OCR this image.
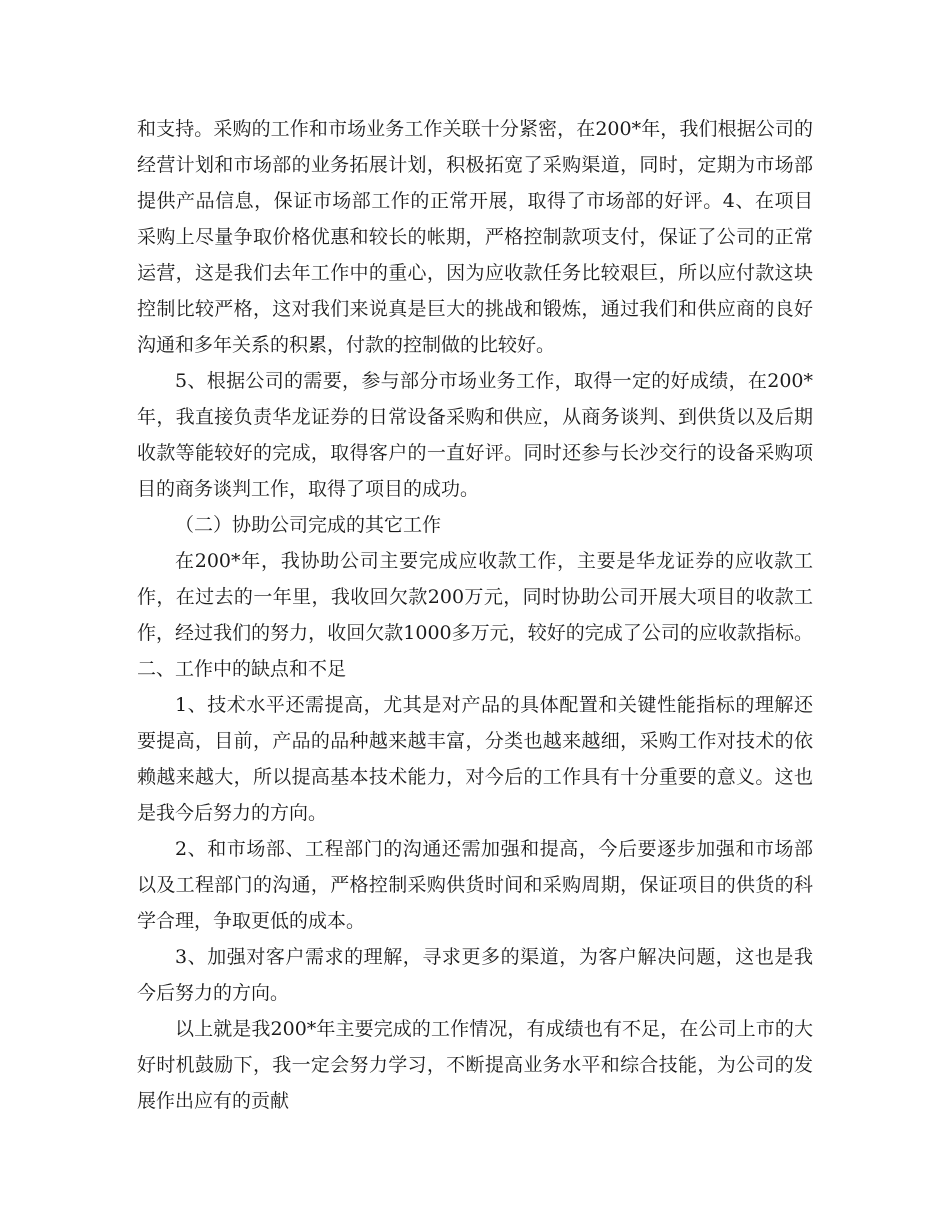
和支持。采购的工作和市场业务工作关联十分紧密，在200*年，我们根据公司的经营计划和市场部的业务拓展计划，积极拓宽了采购渠道，同时，定期为市场部提供产品信息，保证市场部工作的正常开展，取得了市场部的好评。4、在项目采购上尽量争取价格优惠和较长的帐期，严格控制款项支付，保证了公司的正常运营，这是我们去年工作中的重心，因为应收款任务比较艰巨，所以应付款这块控制比较严格，这对我们来说真是巨大的挑战和锻炼，通过我们和供应商的良好沟通和多年关系的积累，付款的控制做的比较好。

5、根据公司的需要，参与部分市场业务工作，取得一定的好成绩，在200*年，我直接负责华龙证券的日常设备采购和供应，从商务谈判、到供货以及后期收款等能较好的完成，取得客户的一直好评。同时还参与长沙交行的设备采购项目的商务谈判工作，取得了项目的成功。

（二）协助公司完成的其它工作

在200*年，我协助公司主要完成应收款工作，主要是华龙证券的应收款工作，在过去的一年里，我收回欠款200万元，同时协助公司开展大项目的收款工作，经过我们的努力，收回欠款1000多万元，较好的完成了公司的应收款指标。二、工作中的缺点和不足

1、技术水平还需提高，尤其是对产品的具体配置和关键性能指标的理解还要提高，目前，产品的品种越来越丰富，分类也越来越细，采购工作对技术的依赖越来越大，所以提高基本技术能力，对今后的工作具有十分重要的意义。这也是我今后努力的方向。

2、和市场部、工程部门的沟通还需加强和提高，今后要逐步加强和市场部以及工程部门的沟通，严格控制采购供货时间和采购周期，保证项目的供货的科学合理，争取更低的成本。

3、加强对客户需求的理解，寻求更多的渠道，为客户解决问题，这也是我今后努力的方向。

以上就是我200*年主要完成的工作情况，有成绩也有不足，在公司上市的大好时机鼓励下，我一定会努力学习，不断提高业务水平和综合技能，为公司的发展作出应有的贡献
